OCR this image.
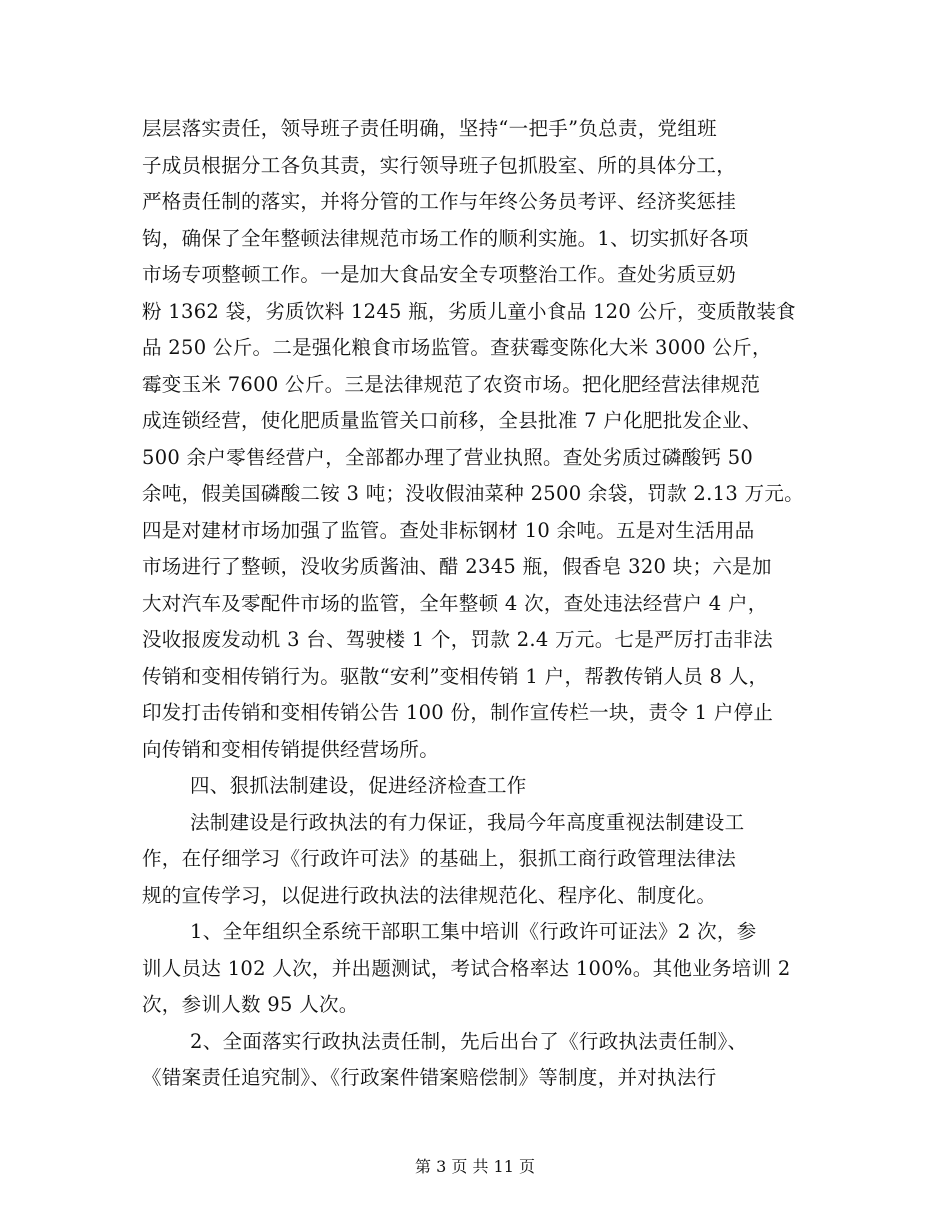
层层落实责任，领导班子责任明确，坚持“一把手”负总责，党组班
子成员根据分工各负其责，实行领导班子包抓股室、所的具体分工，
严格责任制的落实，并将分管的工作与年终公务员考评、经济奖惩挂
钩，确保了全年整顿法律规范市场工作的顺利实施。1、切实抓好各项
市场专项整顿工作。一是加大食品安全专项整治工作。查处劣质豆奶
粉 1362 袋，劣质饮料 1245 瓶，劣质儿童小食品 120 公斤，变质散装食
品 250 公斤。二是强化粮食市场监管。查获霉变陈化大米 3000 公斤，
霉变玉米 7600 公斤。三是法律规范了农资市场。把化肥经营法律规范
成连锁经营，使化肥质量监管关口前移，全县批准 7 户化肥批发企业、
500 余户零售经营户，全部都办理了营业执照。查处劣质过磷酸钙 50
余吨，假美国磷酸二铵 3 吨；没收假油菜种 2500 余袋，罚款 2.13 万元。
四是对建材市场加强了监管。查处非标钢材 10 余吨。五是对生活用品
市场进行了整顿，没收劣质酱油、醋 2345 瓶，假香皂 320 块；六是加
大对汽车及零配件市场的监管，全年整顿 4 次，查处违法经营户 4 户，
没收报废发动机 3 台、驾驶楼 1 个，罚款 2.4 万元。七是严厉打击非法
传销和变相传销行为。驱散“安利”变相传销 1 户，帮教传销人员 8 人，
印发打击传销和变相传销公告 100 份，制作宣传栏一块，责令 1 户停止
向传销和变相传销提供经营场所。
四、狠抓法制建设，促进经济检查工作
法制建设是行政执法的有力保证，我局今年高度重视法制建设工
作，在仔细学习《行政许可法》的基础上，狠抓工商行政管理法律法
规的宣传学习，以促进行政执法的法律规范化、程序化、制度化。
1、全年组织全系统干部职工集中培训《行政许可证法》2 次，参
训人员达 102 人次，并出题测试，考试合格率达 100%。其他业务培训 2
次，参训人数 95 人次。
2、全面落实行政执法责任制，先后出台了《行政执法责任制》、
《错案责任追究制》、《行政案件错案赔偿制》等制度，并对执法行
第 3 页 共 11 页
